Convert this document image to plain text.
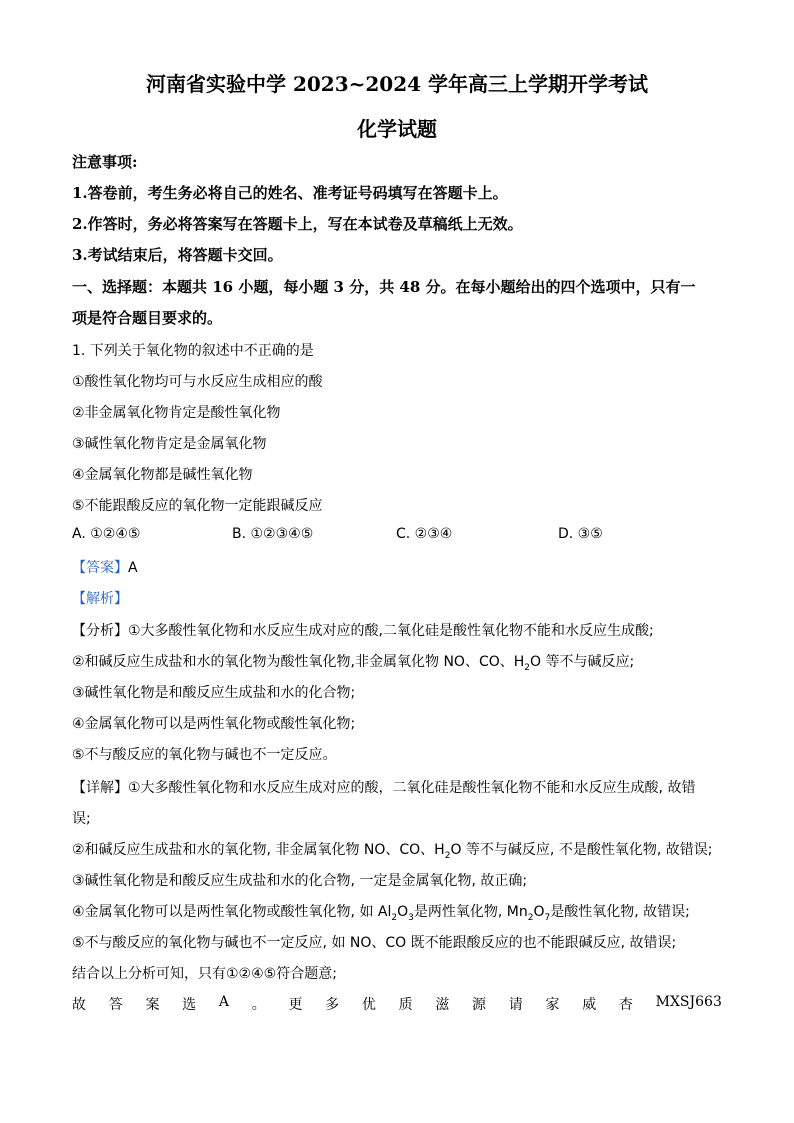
河南省实验中学 2023~2024 学年高三上学期开学考试
化学试题
注意事项:
1.答卷前，考生务必将自己的姓名、准考证号码填写在答题卡上。
2.作答时，务必将答案写在答题卡上，写在本试卷及草稿纸上无效。
3.考试结束后，将答题卡交回。
一、选择题：本题共 16 小题，每小题 3 分，共 48 分。在每小题给出的四个选项中，只有一
项是符合题目要求的。
1. 下列关于氧化物的叙述中不正确的是
①酸性氧化物均可与水反应生成相应的酸
②非金属氧化物肯定是酸性氧化物
③碱性氧化物肯定是金属氧化物
④金属氧化物都是碱性氧化物
⑤不能跟酸反应的氧化物一定能跟碱反应
A. ①②④⑤	B. ①②③④⑤	C. ②③④	D. ③⑤
【答案】A
【解析】
【分析】①大多酸性氧化物和水反应生成对应的酸,二氧化硅是酸性氧化物不能和水反应生成酸;
②和碱反应生成盐和水的氧化物为酸性氧化物,非金属氧化物 NO、CO、$H_2O$ 等不与碱反应;
③碱性氧化物是和酸反应生成盐和水的化合物;
④金属氧化物可以是两性氧化物或酸性氧化物;
⑤不与酸反应的氧化物与碱也不一定反应。
【详解】①大多酸性氧化物和水反应生成对应的酸，二氧化硅是酸性氧化物不能和水反应生成酸, 故错
误;
②和碱反应生成盐和水的氧化物, 非金属氧化物 NO、CO、$H_2O$ 等不与碱反应, 不是酸性氧化物, 故错误;
③碱性氧化物是和酸反应生成盐和水的化合物, 一定是金属氧化物, 故正确;
④金属氧化物可以是两性氧化物或酸性氧化物, 如 $Al_2O_3$是两性氧化物, $Mn_2O_7$是酸性氧化物, 故错误;
⑤不与酸反应的氧化物与碱也不一定反应, 如 NO、CO 既不能跟酸反应的也不能跟碱反应, 故错误;
结合以上分析可知，只有①②④⑤符合题意;
故 答 案 选 A 。 更 多 优 质 滋 源 请 家 威 杏 MXSJ663
